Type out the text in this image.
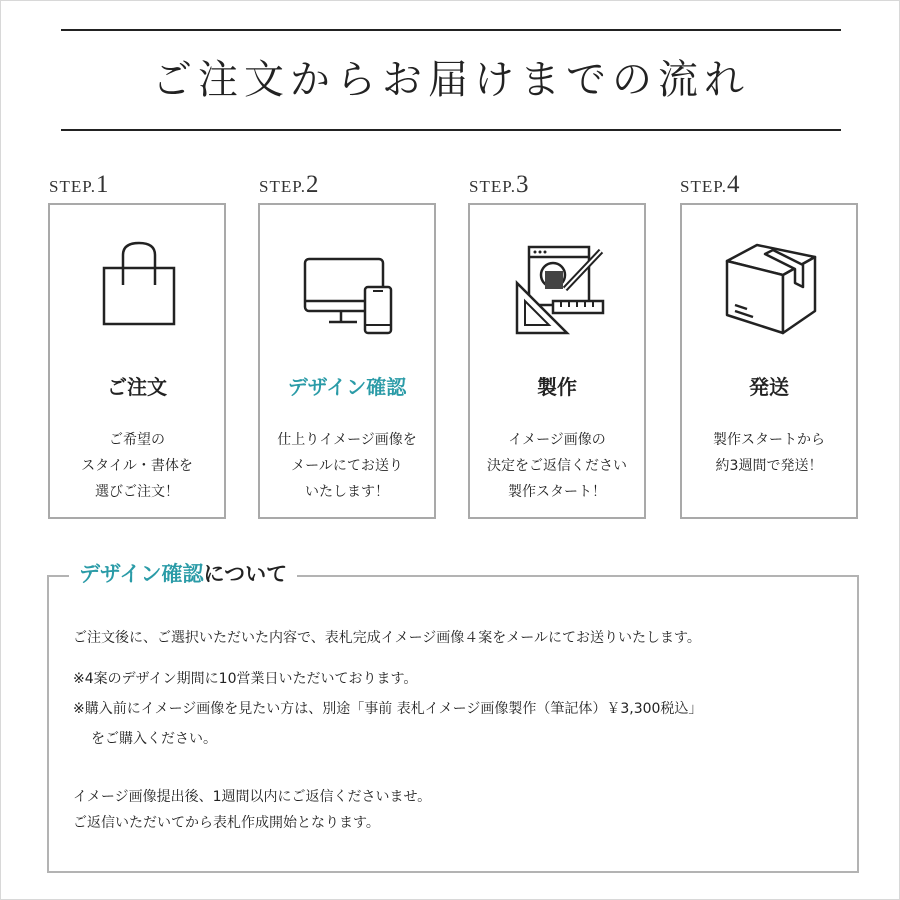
ご注文からお届けまでの流れ
STEP.1	STEP.2	STEP.3	STEP.4
ご注文
ご希望の
スタイル・書体を
選びご注文！
デザイン確認
仕上りイメージ画像を
メールにてお送り
いたします！
製作
イメージ画像の
決定をご返信ください
製作スタート！
発送
製作スタートから
約3週間で発送！
デザイン確認について
ご注文後に、ご選択いただいた内容で、表札完成イメージ画像４案をメールにてお送りいたします。
※4案のデザイン期間に10営業日いただいております。
※購入前にイメージ画像を見たい方は、別途「事前 表札イメージ画像製作（筆記体）￥3,300税込」
をご購入ください。
イメージ画像提出後、1週間以内にご返信くださいませ。
ご返信いただいてから表札作成開始となります。
